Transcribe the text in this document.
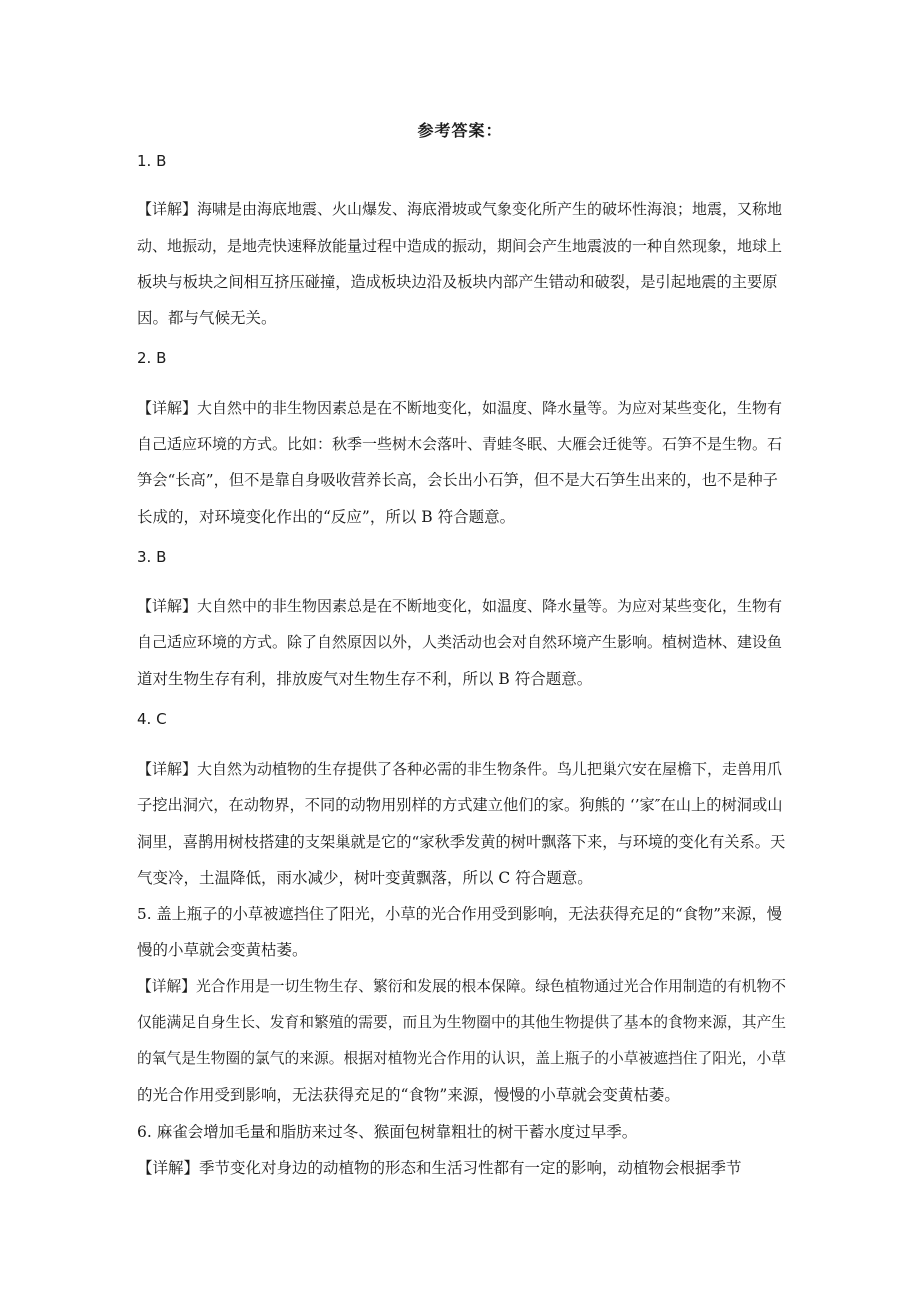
参考答案：
1. B
【详解】海啸是由海底地震、火山爆发、海底滑坡或气象变化所产生的破坏性海浪；地震，又称地
动、地振动，是地壳快速释放能量过程中造成的振动，期间会产生地震波的一种自然现象，地球上
板块与板块之间相互挤压碰撞，造成板块边沿及板块内部产生错动和破裂，是引起地震的主要原
因。都与气候无关。
2. B
【详解】大自然中的非生物因素总是在不断地变化，如温度、降水量等。为应对某些变化，生物有
自己适应环境的方式。比如：秋季一些树木会落叶、青蛙冬眠、大雁会迁徙等。石笋不是生物。石
笋会“长高”，但不是靠自身吸收营养长高，会长出小石笋，但不是大石笋生出来的，也不是种子
长成的，对环境变化作出的“反应”，所以 B 符合题意。
3. B
【详解】大自然中的非生物因素总是在不断地变化，如温度、降水量等。为应对某些变化，生物有
自己适应环境的方式。除了自然原因以外，人类活动也会对自然环境产生影响。植树造林、建设鱼
道对生物生存有利，排放废气对生物生存不利，所以 B 符合题意。
4. C
【详解】大自然为动植物的生存提供了各种必需的非生物条件。鸟儿把巢穴安在屋檐下，走兽用爪
子挖出洞穴，在动物界，不同的动物用别样的方式建立他们的家。狗熊的 ‘’家″在山上的树洞或山
洞里，喜鹊用树枝搭建的支架巢就是它的“家秋季发黄的树叶飘落下来，与环境的变化有关系。天
气变冷，土温降低，雨水减少，树叶变黄飘落，所以 C 符合题意。
5. 盖上瓶子的小草被遮挡住了阳光，小草的光合作用受到影响，无法获得充足的“食物”来源，慢
慢的小草就会变黄枯萎。
【详解】光合作用是一切生物生存、繁衍和发展的根本保障。绿色植物通过光合作用制造的有机物不
仅能满足自身生长、发育和繁殖的需要，而且为生物圈中的其他生物提供了基本的食物来源，其产生
的氧气是生物圈的氯气的来源。根据对植物光合作用的认识，盖上瓶子的小草被遮挡住了阳光，小草
的光合作用受到影响，无法获得充足的“食物”来源，慢慢的小草就会变黄枯萎。
6. 麻雀会增加毛量和脂肪来过冬、猴面包树靠粗壮的树干蓄水度过早季。
【详解】季节变化对身边的动植物的形态和生活习性都有一定的影响，动植物会根据季节
